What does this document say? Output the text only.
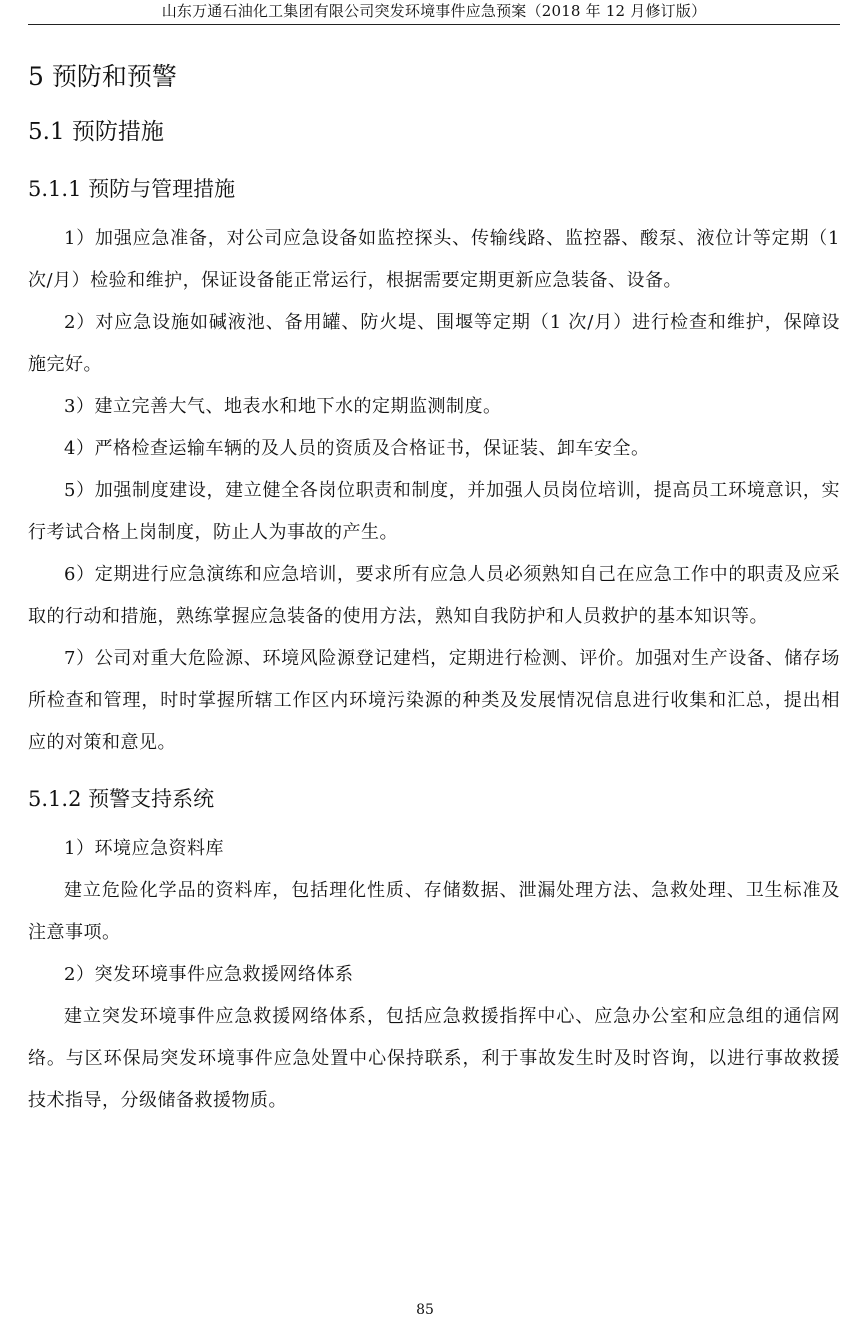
山东万通石油化工集团有限公司突发环境事件应急预案（2018 年 12 月修订版）
5 预防和预警
5.1 预防措施
5.1.1 预防与管理措施

1）加强应急准备，对公司应急设备如监控探头、传输线路、监控器、酸泵、液位计等定期（1 次/月）检验和维护，保证设备能正常运行，根据需要定期更新应急装备、设备。

2）对应急设施如碱液池、备用罐、防火堤、围堰等定期（1 次/月）进行检查和维护，保障设施完好。

3）建立完善大气、地表水和地下水的定期监测制度。

4）严格检查运输车辆的及人员的资质及合格证书，保证装、卸车安全。

5）加强制度建设，建立健全各岗位职责和制度，并加强人员岗位培训，提高员工环境意识，实行考试合格上岗制度，防止人为事故的产生。

6）定期进行应急演练和应急培训，要求所有应急人员必须熟知自己在应急工作中的职责及应采取的行动和措施，熟练掌握应急装备的使用方法，熟知自我防护和人员救护的基本知识等。

7）公司对重大危险源、环境风险源登记建档，定期进行检测、评价。加强对生产设备、储存场所检查和管理，时时掌握所辖工作区内环境污染源的种类及发展情况信息进行收集和汇总，提出相应的对策和意见。

5.1.2 预警支持系统

1）环境应急资料库

建立危险化学品的资料库，包括理化性质、存储数据、泄漏处理方法、急救处理、卫生标准及注意事项。

2）突发环境事件应急救援网络体系

建立突发环境事件应急救援网络体系，包括应急救援指挥中心、应急办公室和应急组的通信网络。与区环保局突发环境事件应急处置中心保持联系，利于事故发生时及时咨询，以进行事故救援技术指导，分级储备救援物质。

85
